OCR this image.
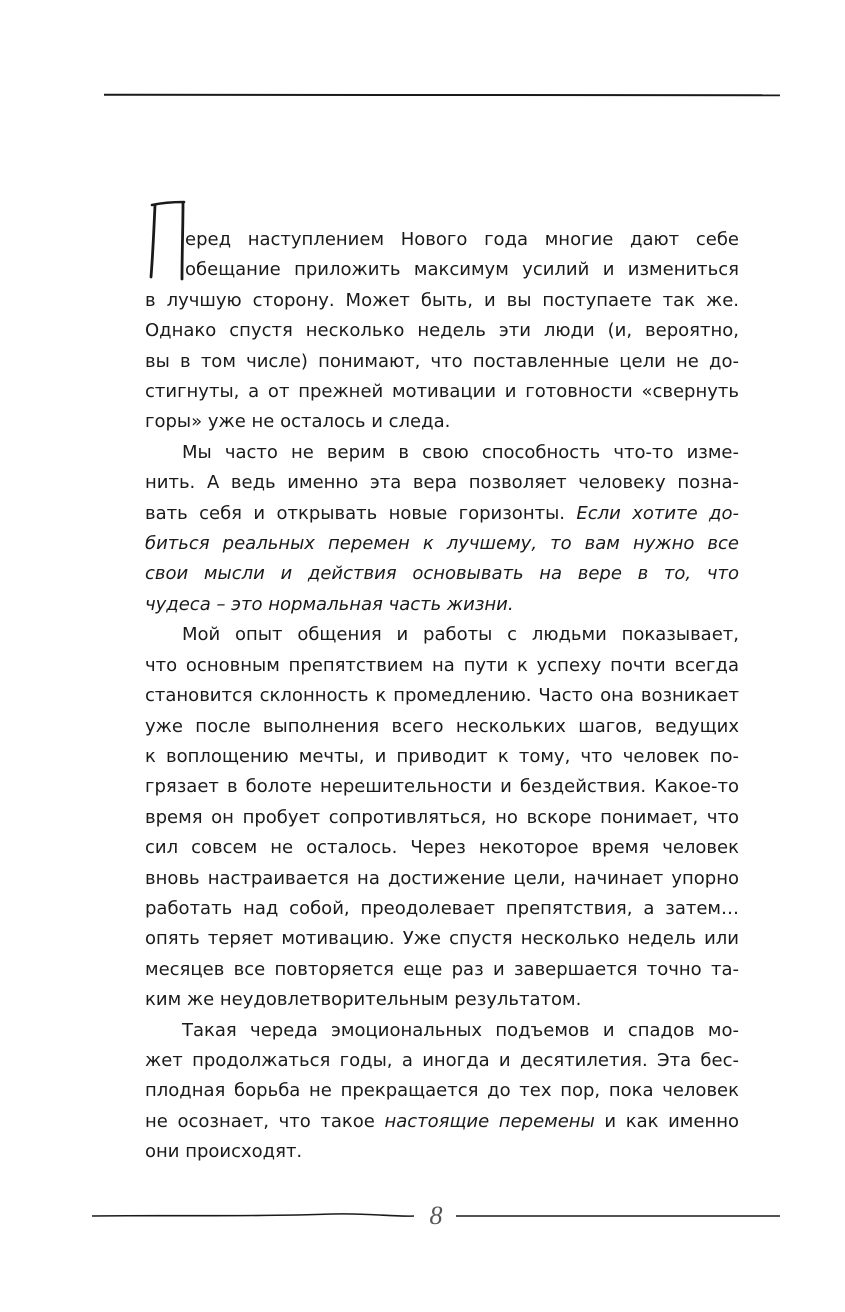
еред наступлением Нового года многие дают себе
обещание приложить максимум усилий и измениться
в лучшую сторону. Может быть, и вы поступаете так же.
Однако спустя несколько недель эти люди (и, вероятно,
вы в том числе) понимают, что поставленные цели не до-
стигнуты, а от прежней мотивации и готовности «свернуть
горы» уже не осталось и следа.
Мы часто не верим в свою способность что-то изме-
нить. А ведь именно эта вера позволяет человеку позна-
вать себя и открывать новые горизонты. Если хотите до-
биться реальных перемен к лучшему, то вам нужно все
свои мысли и действия основывать на вере в то, что
чудеса – это нормальная часть жизни.
Мой опыт общения и работы с людьми показывает,
что основным препятствием на пути к успеху почти всегда
становится склонность к промедлению. Часто она возникает
уже после выполнения всего нескольких шагов, ведущих
к воплощению мечты, и приводит к тому, что человек по-
грязает в болоте нерешительности и бездействия. Какое-то
время он пробует сопротивляться, но вскоре понимает, что
сил совсем не осталось. Через некоторое время человек
вновь настраивается на достижение цели, начинает упорно
работать над собой, преодолевает препятствия, а затем…
опять теряет мотивацию. Уже спустя несколько недель или
месяцев все повторяется еще раз и завершается точно та-
ким же неудовлетворительным результатом.
Такая череда эмоциональных подъемов и спадов мо-
жет продолжаться годы, а иногда и десятилетия. Эта бес-
плодная борьба не прекращается до тех пор, пока человек
не осознает, что такое настоящие перемены и как именно
они происходят.
8
